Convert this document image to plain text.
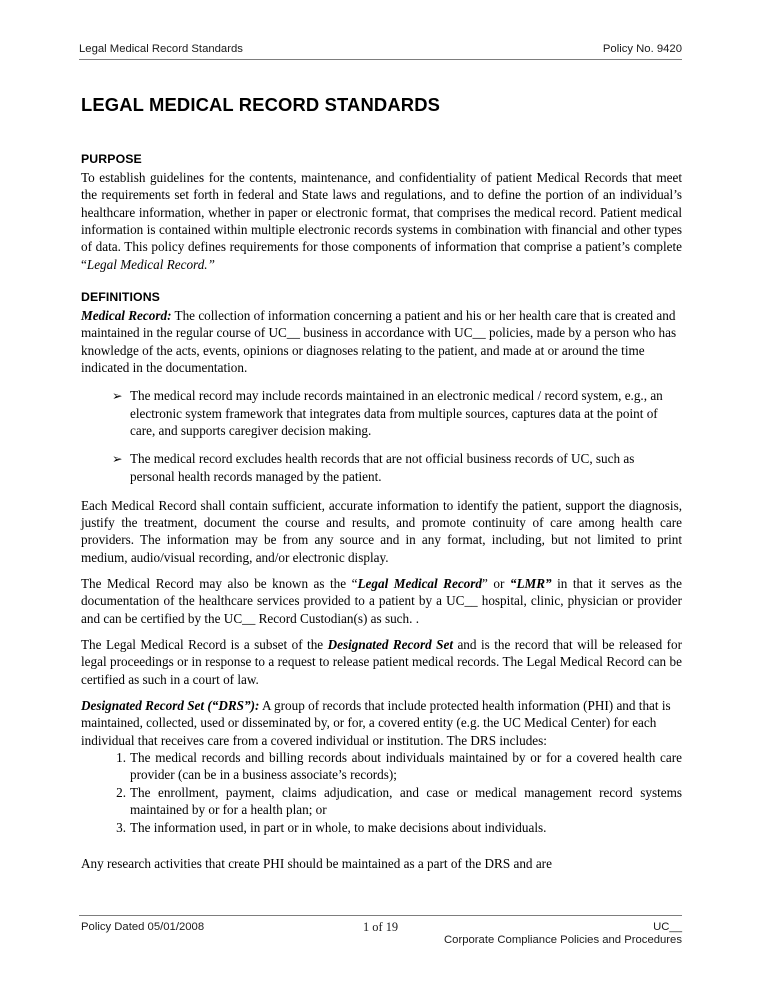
Legal Medical Record Standards	Policy No. 9420
LEGAL MEDICAL RECORD STANDARDS
PURPOSE

To establish guidelines for the contents, maintenance, and confidentiality of patient Medical Records that meet the requirements set forth in federal and State laws and regulations, and to define the portion of an individual’s healthcare information, whether in paper or electronic format, that comprises the medical record. Patient medical information is contained within multiple electronic records systems in combination with financial and other types of data. This policy defines requirements for those components of information that comprise a patient’s complete “Legal Medical Record.”

DEFINITIONS

Medical Record: The collection of information concerning a patient and his or her health care that is created and maintained in the regular course of UC__ business in accordance with UC__ policies, made by a person who has knowledge of the acts, events, opinions or diagnoses relating to the patient, and made at or around the time indicated in the documentation.

➢ The medical record may include records maintained in an electronic medical / record system, e.g., an electronic system framework that integrates data from multiple sources, captures data at the point of care, and supports caregiver decision making.
➢ The medical record excludes health records that are not official business records of UC, such as personal health records managed by the patient.

Each Medical Record shall contain sufficient, accurate information to identify the patient, support the diagnosis, justify the treatment, document the course and results, and promote continuity of care among health care providers. The information may be from any source and in any format, including, but not limited to print medium, audio/visual recording, and/or electronic display.

The Medical Record may also be known as the “Legal Medical Record” or “LMR” in that it serves as the documentation of the healthcare services provided to a patient by a UC__ hospital, clinic, physician or provider and can be certified by the UC__ Record Custodian(s) as such. .

The Legal Medical Record is a subset of the Designated Record Set and is the record that will be released for legal proceedings or in response to a request to release patient medical records. The Legal Medical Record can be certified as such in a court of law.

Designated Record Set (“DRS”): A group of records that include protected health information (PHI) and that is maintained, collected, used or disseminated by, or for, a covered entity (e.g. the UC Medical Center) for each individual that receives care from a covered individual or institution. The DRS includes:

1. The medical records and billing records about individuals maintained by or for a covered health care provider (can be in a business associate’s records);
2. The enrollment, payment, claims adjudication, and case or medical management record systems maintained by or for a health plan; or
3. The information used, in part or in whole, to make decisions about individuals.

Any research activities that create PHI should be maintained as a part of the DRS and are

Policy Dated 05/01/2008	1 of 19	UC__
Corporate Compliance Policies and Procedures
